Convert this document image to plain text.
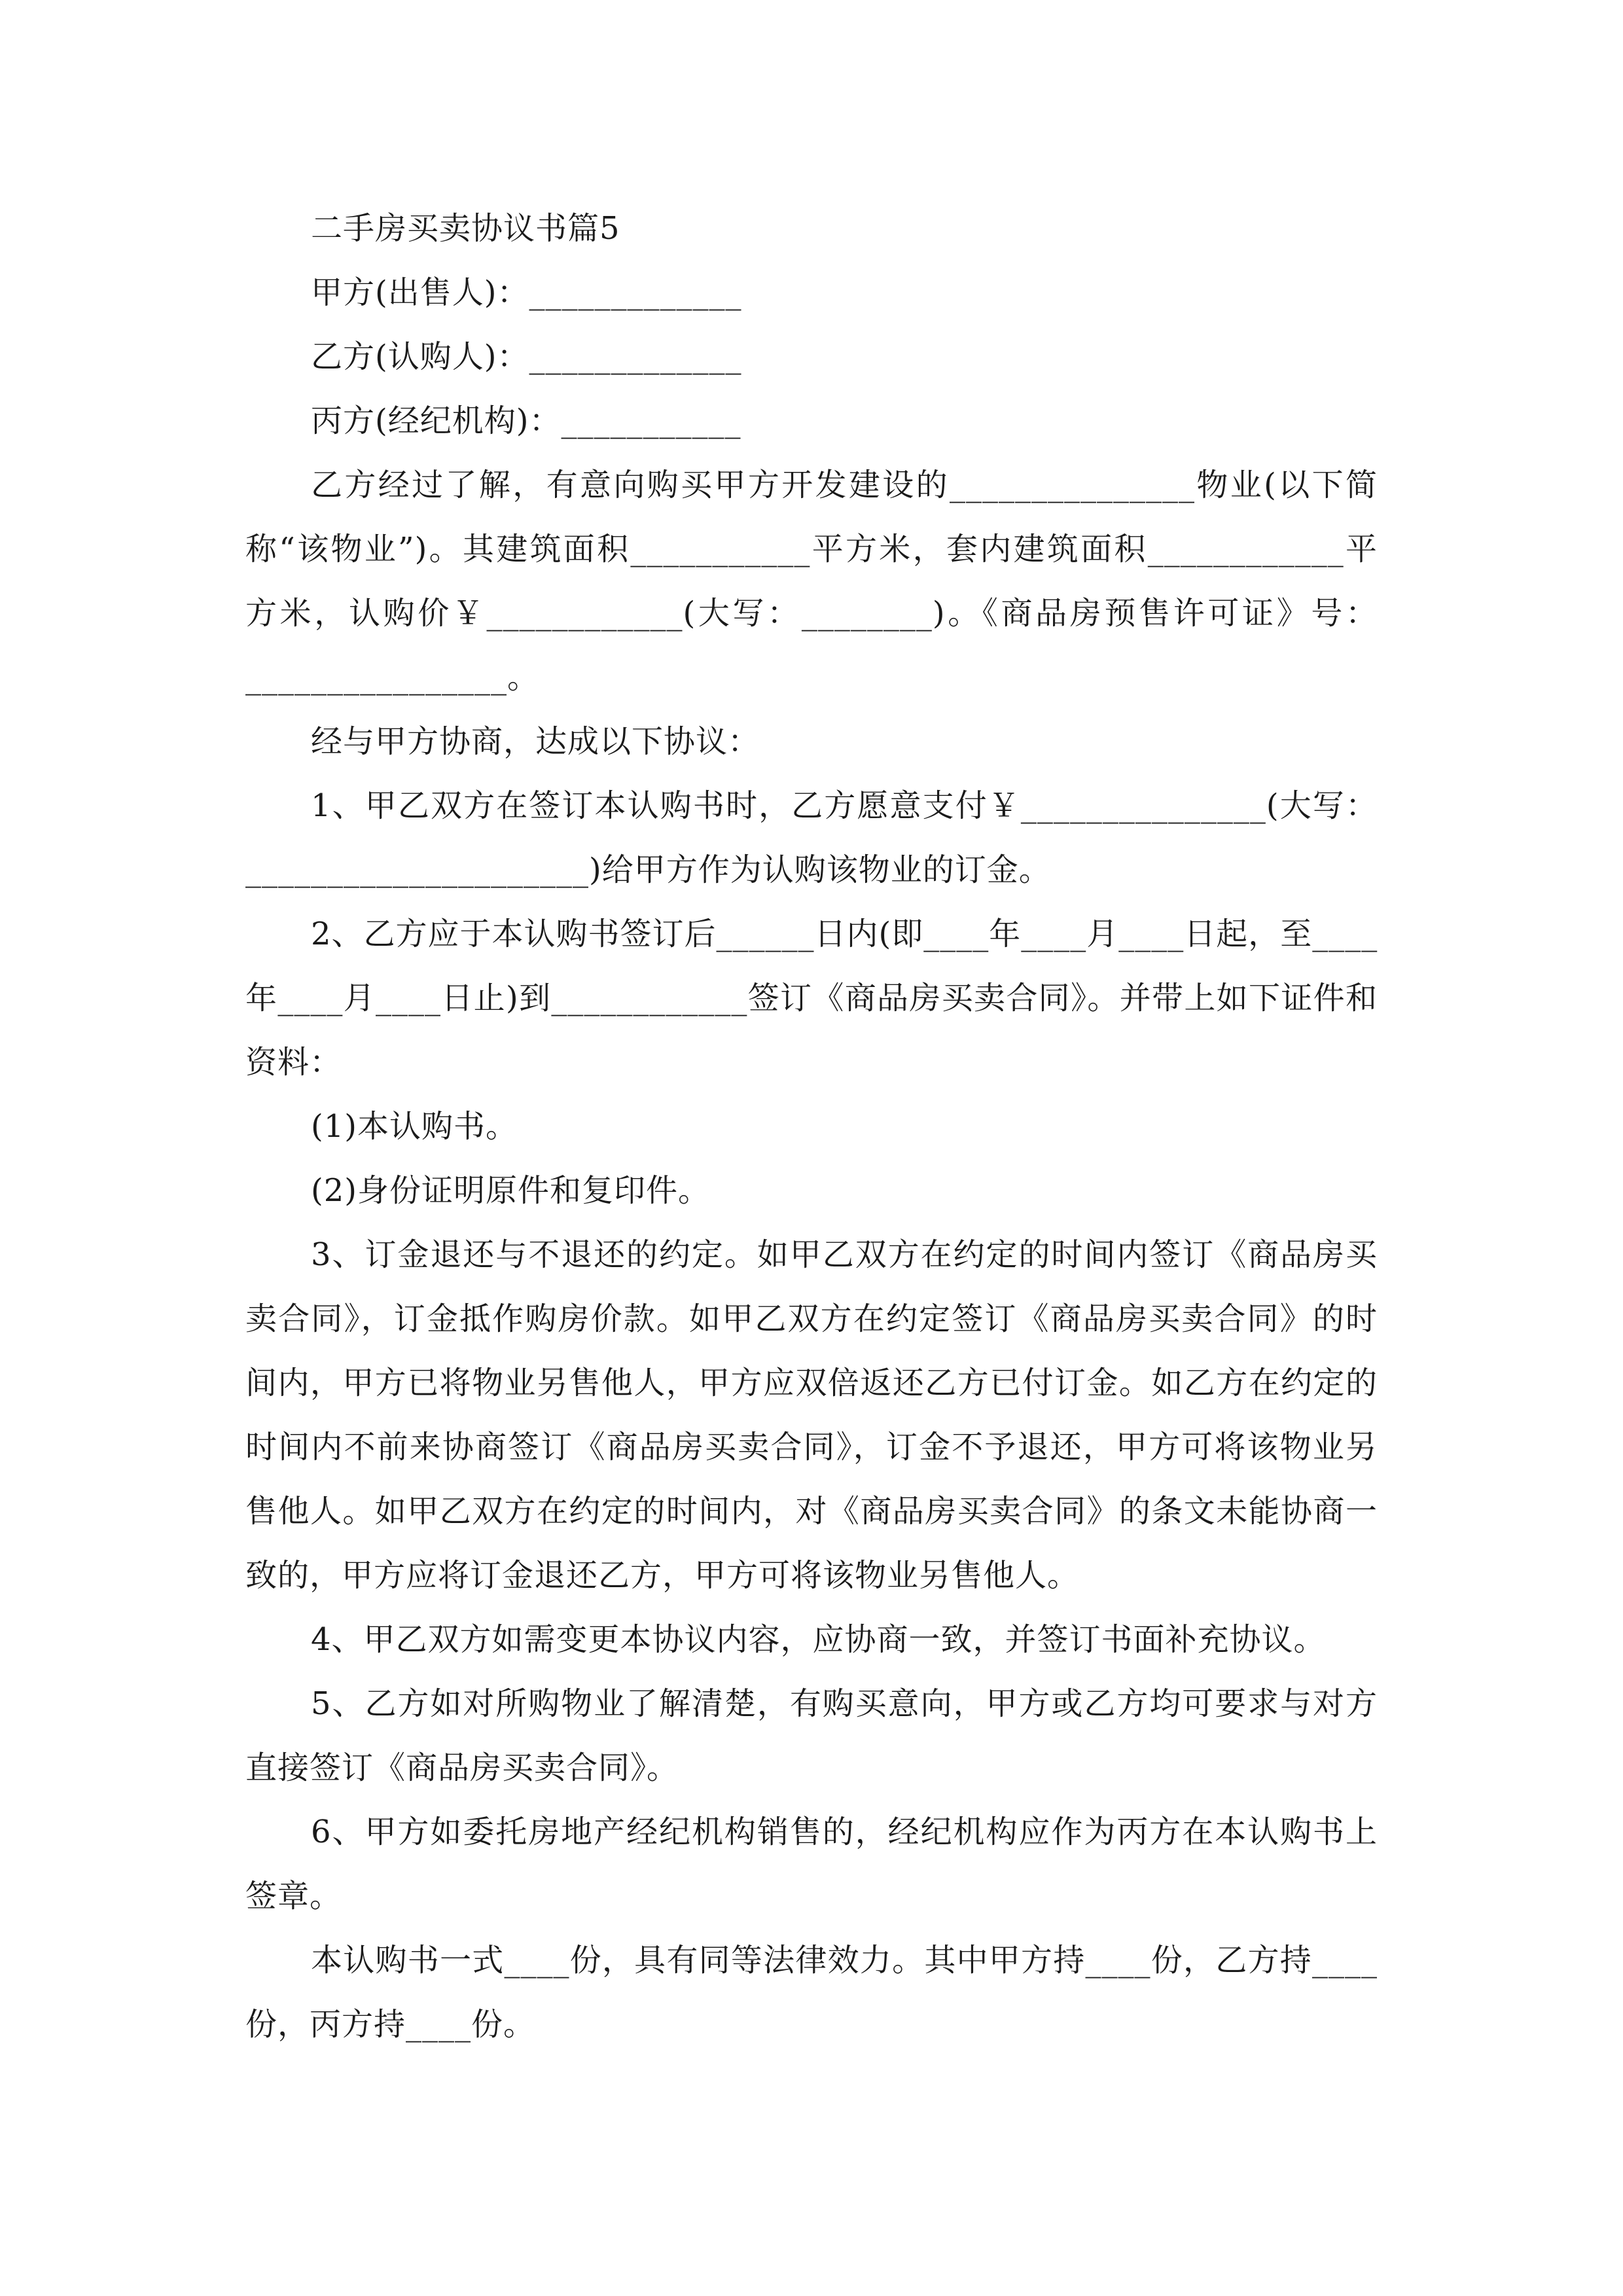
二手房买卖协议书篇5

甲方(出售人)：_____________

乙方(认购人)：_____________

丙方(经纪机构)：___________

乙方经过了解，有意向购买甲方开发建设的_______________物业(以下简

称“该物业”)。其建筑面积___________平方米，套内建筑面积____________平

方米，认购价￥____________(大写：________)。《商品房预售许可证》号：

________________。

经与甲方协商，达成以下协议：

1、甲乙双方在签订本认购书时，乙方愿意支付￥_______________(大写：

_____________________)给甲方作为认购该物业的订金。

2、乙方应于本认购书签订后______日内(即____年____月____日起，至____

年____月____日止)到____________签订《商品房买卖合同》。并带上如下证件和

资料：

(1)本认购书。

(2)身份证明原件和复印件。

3、订金退还与不退还的约定。如甲乙双方在约定的时间内签订《商品房买

卖合同》，订金抵作购房价款。如甲乙双方在约定签订《商品房买卖合同》的时

间内，甲方已将物业另售他人，甲方应双倍返还乙方已付订金。如乙方在约定的

时间内不前来协商签订《商品房买卖合同》，订金不予退还，甲方可将该物业另

售他人。如甲乙双方在约定的时间内，对《商品房买卖合同》的条文未能协商一

致的，甲方应将订金退还乙方，甲方可将该物业另售他人。

4、甲乙双方如需变更本协议内容，应协商一致，并签订书面补充协议。

5、乙方如对所购物业了解清楚，有购买意向，甲方或乙方均可要求与对方

直接签订《商品房买卖合同》。

6、甲方如委托房地产经纪机构销售的，经纪机构应作为丙方在本认购书上

签章。

本认购书一式____份，具有同等法律效力。其中甲方持____份，乙方持____

份，丙方持____份。
